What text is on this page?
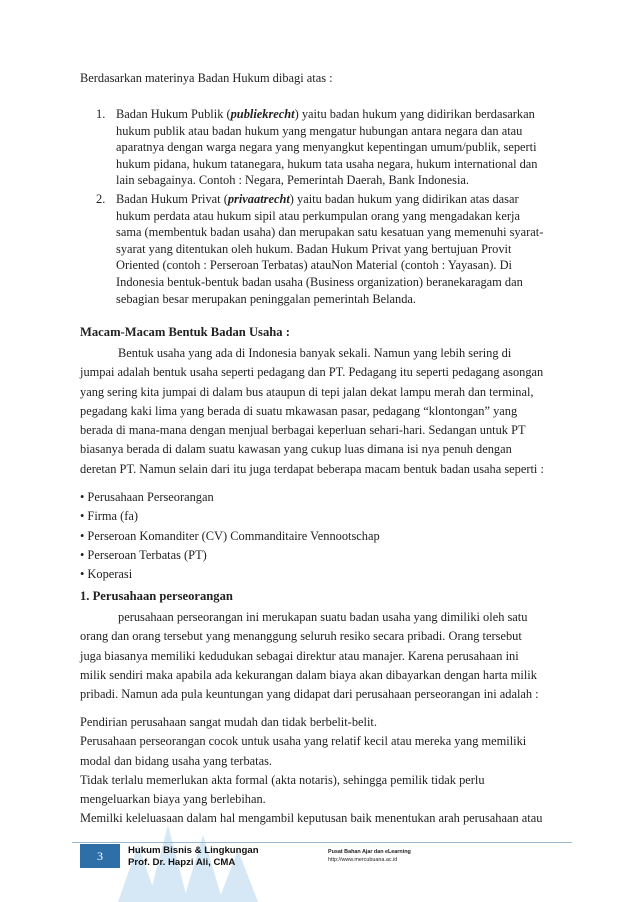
Berdasarkan materinya Badan Hukum dibagi atas :
1. Badan Hukum Publik (publiekrecht) yaitu badan hukum yang didirikan berdasarkan
hukum publik atau badan hukum yang mengatur hubungan antara negara dan atau
aparatnya dengan warga negara yang menyangkut kepentingan umum/publik, seperti
hukum pidana, hukum tatanegara, hukum tata usaha negara, hukum international dan
lain sebagainya. Contoh : Negara, Pemerintah Daerah, Bank Indonesia.
2. Badan Hukum Privat (privaatrecht) yaitu badan hukum yang didirikan atas dasar
hukum perdata atau hukum sipil atau perkumpulan orang yang mengadakan kerja
sama (membentuk badan usaha) dan merupakan satu kesatuan yang memenuhi syarat-
syarat yang ditentukan oleh hukum. Badan Hukum Privat yang bertujuan Provit
Oriented (contoh : Perseroan Terbatas) atauNon Material (contoh : Yayasan). Di
Indonesia bentuk-bentuk badan usaha (Business organization) beranekaragam dan
sebagian besar merupakan peninggalan pemerintah Belanda.
Macam-Macam Bentuk Badan Usaha :
Bentuk usaha yang ada di Indonesia banyak sekali. Namun yang lebih sering di
jumpai adalah bentuk usaha seperti pedagang dan PT. Pedagang itu seperti pedagang asongan
yang sering kita jumpai di dalam bus ataupun di tepi jalan dekat lampu merah dan terminal,
pegadang kaki lima yang berada di suatu mkawasan pasar, pedagang “klontongan” yang
berada di mana-mana dengan menjual berbagai keperluan sehari-hari. Sedangan untuk PT
biasanya berada di dalam suatu kawasan yang cukup luas dimana isi nya penuh dengan
deretan PT. Namun selain dari itu juga terdapat beberapa macam bentuk badan usaha seperti :
• Perusahaan Perseorangan
• Firma (fa)
• Perseroan Komanditer (CV) Commanditaire Vennootschap
• Perseroan Terbatas (PT)
• Koperasi
1. Perusahaan perseorangan
perusahaan perseorangan ini merukapan suatu badan usaha yang dimiliki oleh satu
orang dan orang tersebut yang menanggung seluruh resiko secara pribadi. Orang tersebut
juga biasanya memiliki kedudukan sebagai direktur atau manajer. Karena perusahaan ini
milik sendiri maka apabila ada kekurangan dalam biaya akan dibayarkan dengan harta milik
pribadi. Namun ada pula keuntungan yang didapat dari perusahaan perseorangan ini adalah :
Pendirian perusahaan sangat mudah dan tidak berbelit-belit.
Perusahaan perseorangan cocok untuk usaha yang relatif kecil atau mereka yang memiliki
modal dan bidang usaha yang terbatas.
Tidak terlalu memerlukan akta formal (akta notaris), sehingga pemilik tidak perlu
mengeluarkan biaya yang berlebihan.
Memilki keleluasaan dalam hal mengambil keputusan baik menentukan arah perusahaan atau
3	Hukum Bisnis & Lingkungan
Prof. Dr. Hapzi Ali, CMA
Pusat Bahan Ajar dan eLearning
http://www.mercubuana.ac.id
